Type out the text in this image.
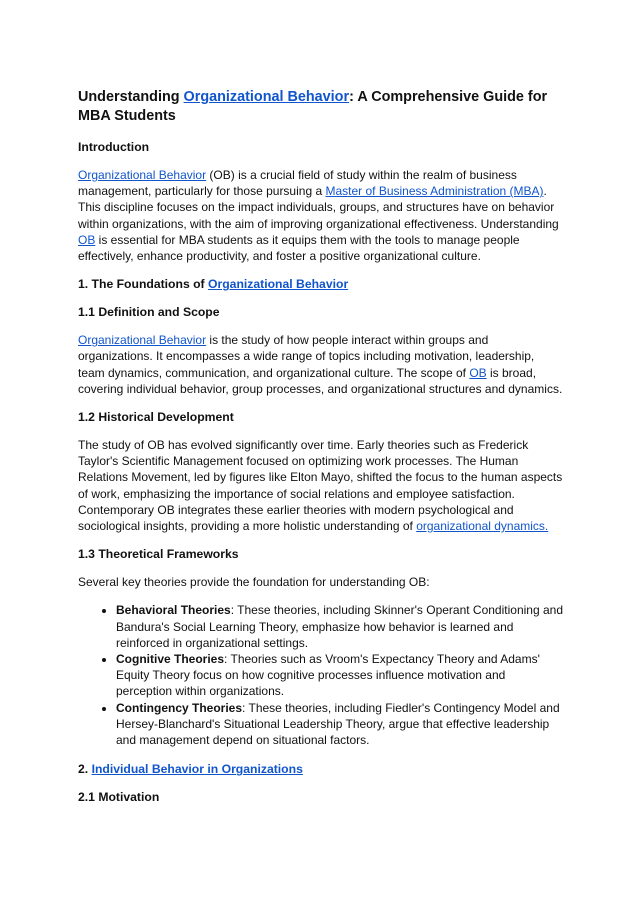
Understanding Organizational Behavior: A Comprehensive Guide for MBA Students
Introduction

Organizational Behavior (OB) is a crucial field of study within the realm of business management, particularly for those pursuing a Master of Business Administration (MBA). This discipline focuses on the impact individuals, groups, and structures have on behavior within organizations, with the aim of improving organizational effectiveness. Understanding OB is essential for MBA students as it equips them with the tools to manage people effectively, enhance productivity, and foster a positive organizational culture.

1. The Foundations of Organizational Behavior
1.1 Definition and Scope

Organizational Behavior is the study of how people interact within groups and organizations. It encompasses a wide range of topics including motivation, leadership, team dynamics, communication, and organizational culture. The scope of OB is broad, covering individual behavior, group processes, and organizational structures and dynamics.

1.2 Historical Development

The study of OB has evolved significantly over time. Early theories such as Frederick Taylor's Scientific Management focused on optimizing work processes. The Human Relations Movement, led by figures like Elton Mayo, shifted the focus to the human aspects of work, emphasizing the importance of social relations and employee satisfaction. Contemporary OB integrates these earlier theories with modern psychological and sociological insights, providing a more holistic understanding of organizational dynamics.

1.3 Theoretical Frameworks

Several key theories provide the foundation for understanding OB:

• Behavioral Theories: These theories, including Skinner's Operant Conditioning and Bandura's Social Learning Theory, emphasize how behavior is learned and reinforced in organizational settings.
• Cognitive Theories: Theories such as Vroom's Expectancy Theory and Adams' Equity Theory focus on how cognitive processes influence motivation and perception within organizations.
• Contingency Theories: These theories, including Fiedler's Contingency Model and Hersey-Blanchard's Situational Leadership Theory, argue that effective leadership and management depend on situational factors.
2. Individual Behavior in Organizations
2.1 Motivation
